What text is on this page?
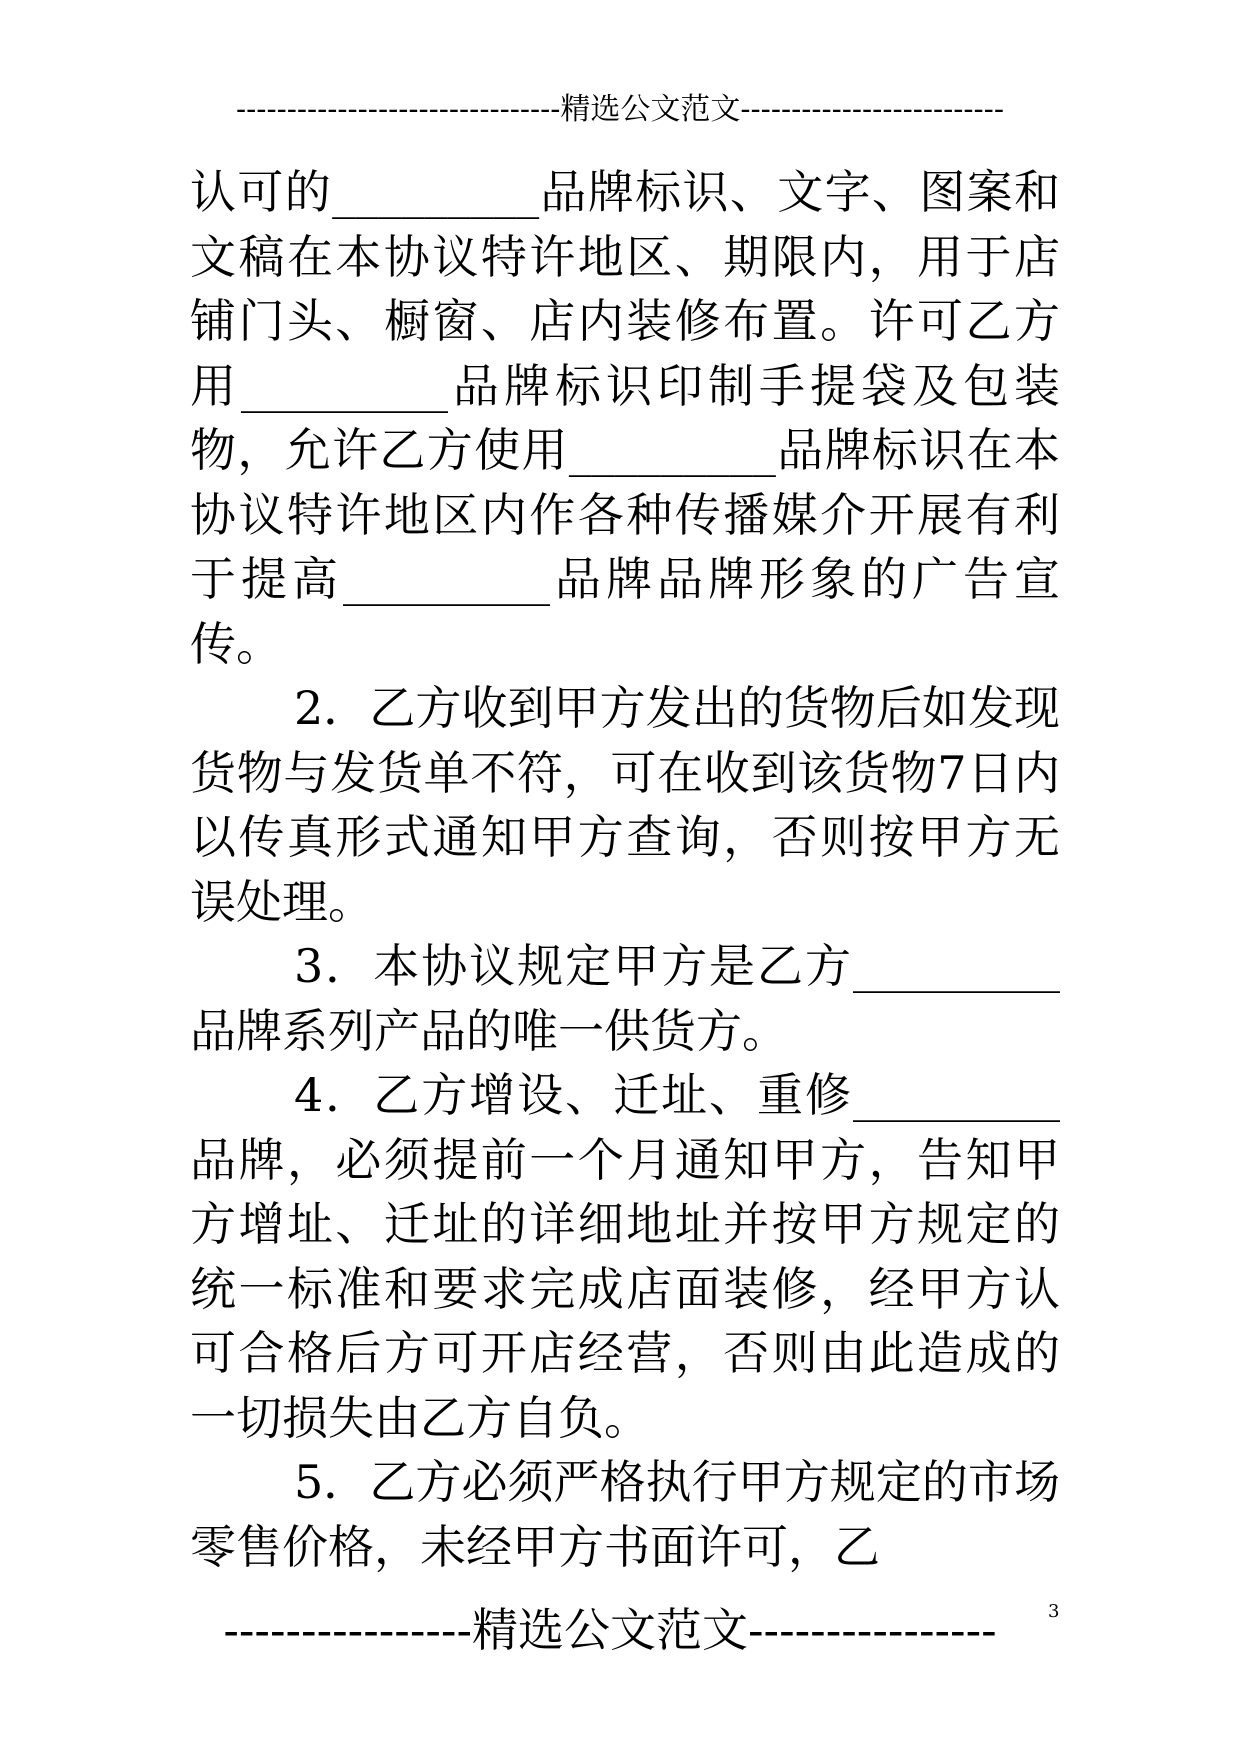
--------------------------------精选公文范文--------------------------

认可的_________品牌标识、文字、图案和文稿在本协议特许地区、期限内，用于店铺门头、橱窗、店内装修布置。许可乙方用_________品牌标识印制手提袋及包装物，允许乙方使用_________品牌标识在本协议特许地区内作各种传播媒介开展有利于提高_________品牌品牌形象的广告宣传。

2．乙方收到甲方发出的货物后如发现货物与发货单不符，可在收到该货物7日内以传真形式通知甲方查询，否则按甲方无误处理。

3．本协议规定甲方是乙方_________品牌系列产品的唯一供货方。

4．乙方增设、迁址、重修_________品牌，必须提前一个月通知甲方，告知甲方增址、迁址的详细地址并按甲方规定的统一标准和要求完成店面装修，经甲方认可合格后方可开店经营，否则由此造成的一切损失由乙方自负。

5．乙方必须严格执行甲方规定的市场零售价格，未经甲方书面许可，乙

----------------精选公文范文----------------	3
